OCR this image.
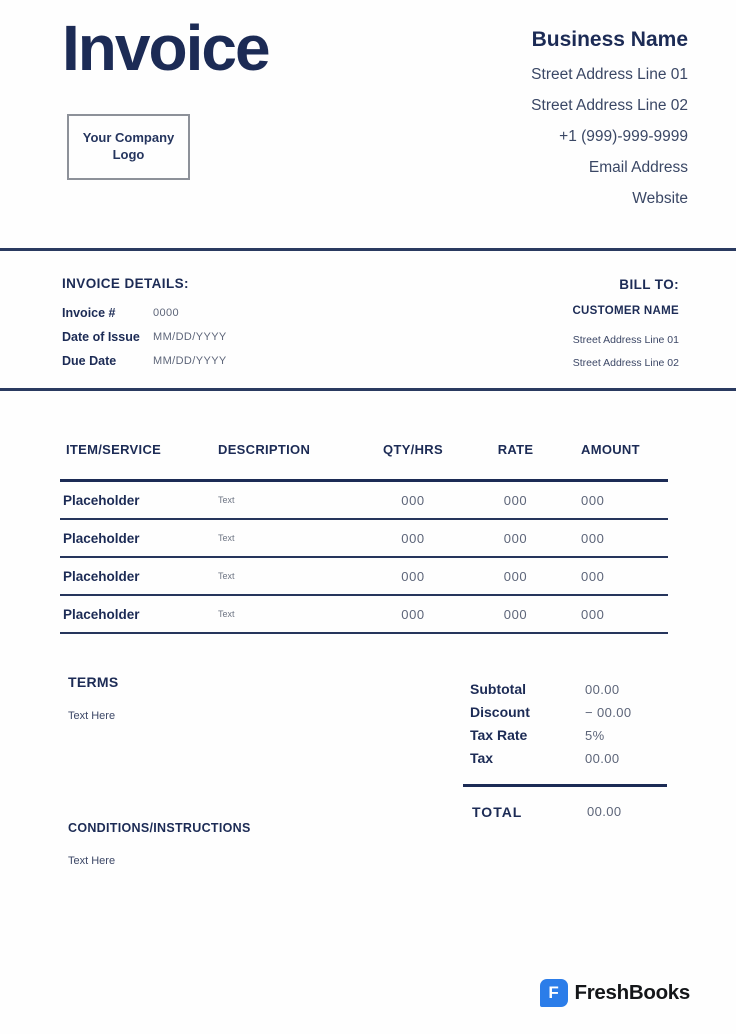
Invoice
Your Company Logo
Business Name
Street Address Line 01
Street Address Line 02
+1 (999)-999-9999
Email Address
Website
INVOICE DETAILS:
Invoice #	0000
Date of Issue	MM/DD/YYYY
Due Date	MM/DD/YYYY
BILL TO:
CUSTOMER NAME
Street Address Line 01
Street Address Line 02
ITEM/SERVICE	DESCRIPTION	QTY/HRS	RATE	AMOUNT
Placeholder	Text	000	000	000
Placeholder	Text	000	000	000
Placeholder	Text	000	000	000
Placeholder	Text	000	000	000
TERMS
Text Here
CONDITIONS/INSTRUCTIONS
Text Here
Subtotal	00.00
Discount	− 00.00
Tax Rate	5%
Tax	00.00
TOTAL	00.00
F FreshBooks
